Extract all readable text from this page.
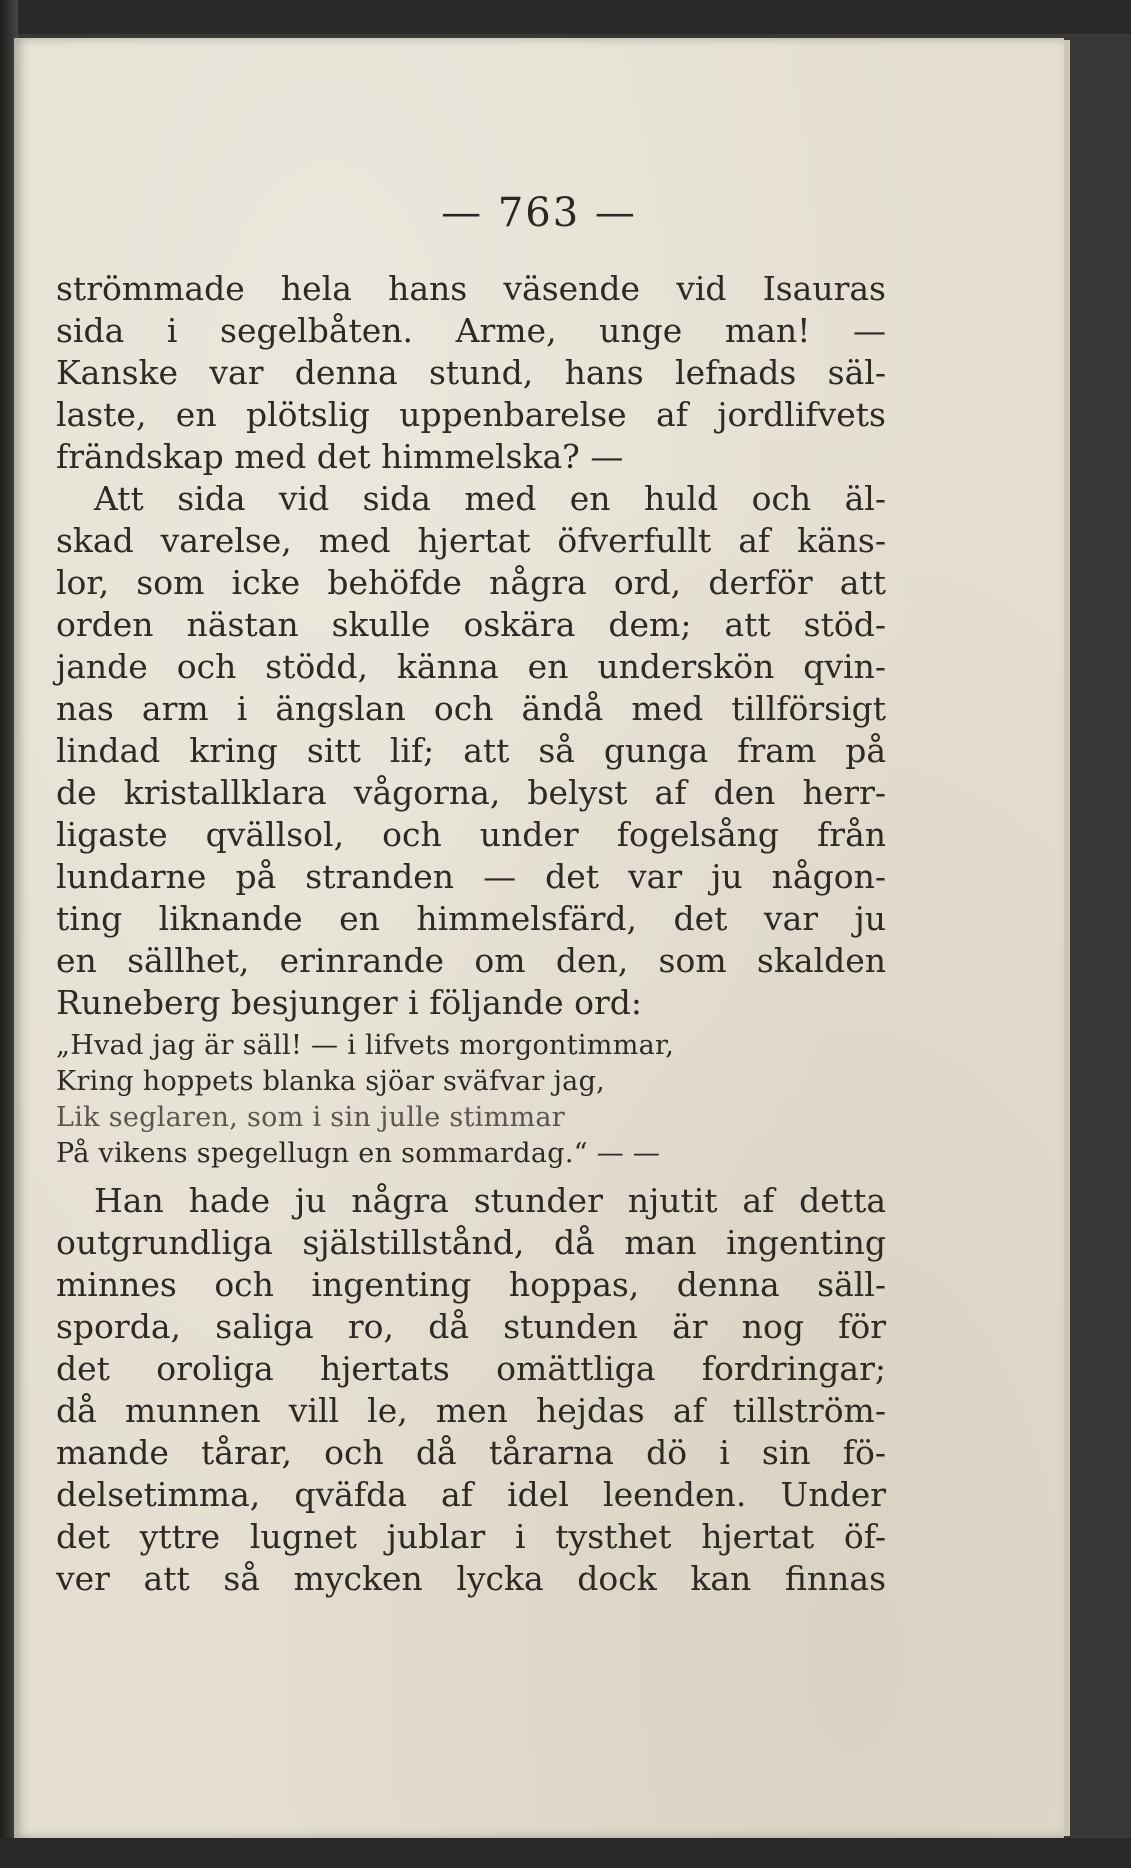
— 763 —
strömmade hela hans väsende vid Isauras
sida i segelbåten. Arme, unge man! —
Kanske var denna stund, hans lefnads säl-
laste, en plötslig uppenbarelse af jordlifvets
frändskap med det himmelska? —
Att sida vid sida med en huld och äl-
skad varelse, med hjertat öfverfullt af käns-
lor, som icke behöfde några ord, derför att
orden nästan skulle oskära dem; att stöd-
jande och stödd, känna en underskön qvin-
nas arm i ängslan och ändå med tillförsigt
lindad kring sitt lif; att så gunga fram på
de kristallklara vågorna, belyst af den herr-
ligaste qvällsol, och under fogelsång från
lundarne på stranden — det var ju någon-
ting liknande en himmelsfärd, det var ju
en sällhet, erinrande om den, som skalden
Runeberg besjunger i följande ord:
„Hvad jag är säll! — i lifvets morgontimmar,
Kring hoppets blanka sjöar sväfvar jag,
Lik seglaren, som i sin julle stimmar
På vikens spegellugn en sommardag.“ — —
Han hade ju några stunder njutit af detta
outgrundliga själstillstånd, då man ingenting
minnes och ingenting hoppas, denna säll-
sporda, saliga ro, då stunden är nog för
det oroliga hjertats omättliga fordringar;
då munnen vill le, men hejdas af tillström-
mande tårar, och då tårarna dö i sin fö-
delsetimma, qväfda af idel leenden. Under
det yttre lugnet jublar i tysthet hjertat öf-
ver att så mycken lycka dock kan finnas
